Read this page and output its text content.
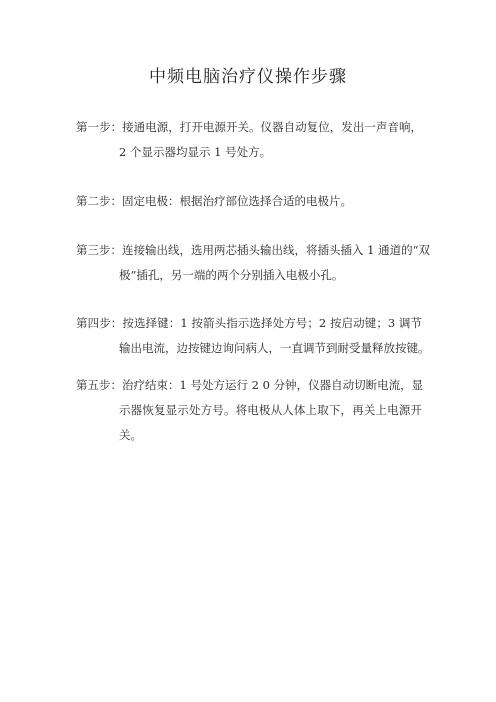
中频电脑治疗仪操作步骤
第一步：接通电源，打开电源开关。仪器自动复位，发出一声音响，
2 个显示器均显示 1 号处方。
第二步：固定电极：根据治疗部位选择合适的电极片。
第三步：连接输出线，选用两芯插头输出线，将插头插入 1 通道的“双
极”插孔，另一端的两个分别插入电极小孔。
第四步：按选择键：1 按箭头指示选择处方号；2 按启动键；3 调节
输出电流，边按键边询问病人，一直调节到耐受量释放按键。
第五步：治疗结束：1 号处方运行 2 0 分钟，仪器自动切断电流，显
示器恢复显示处方号。将电极从人体上取下，再关上电源开
关。
